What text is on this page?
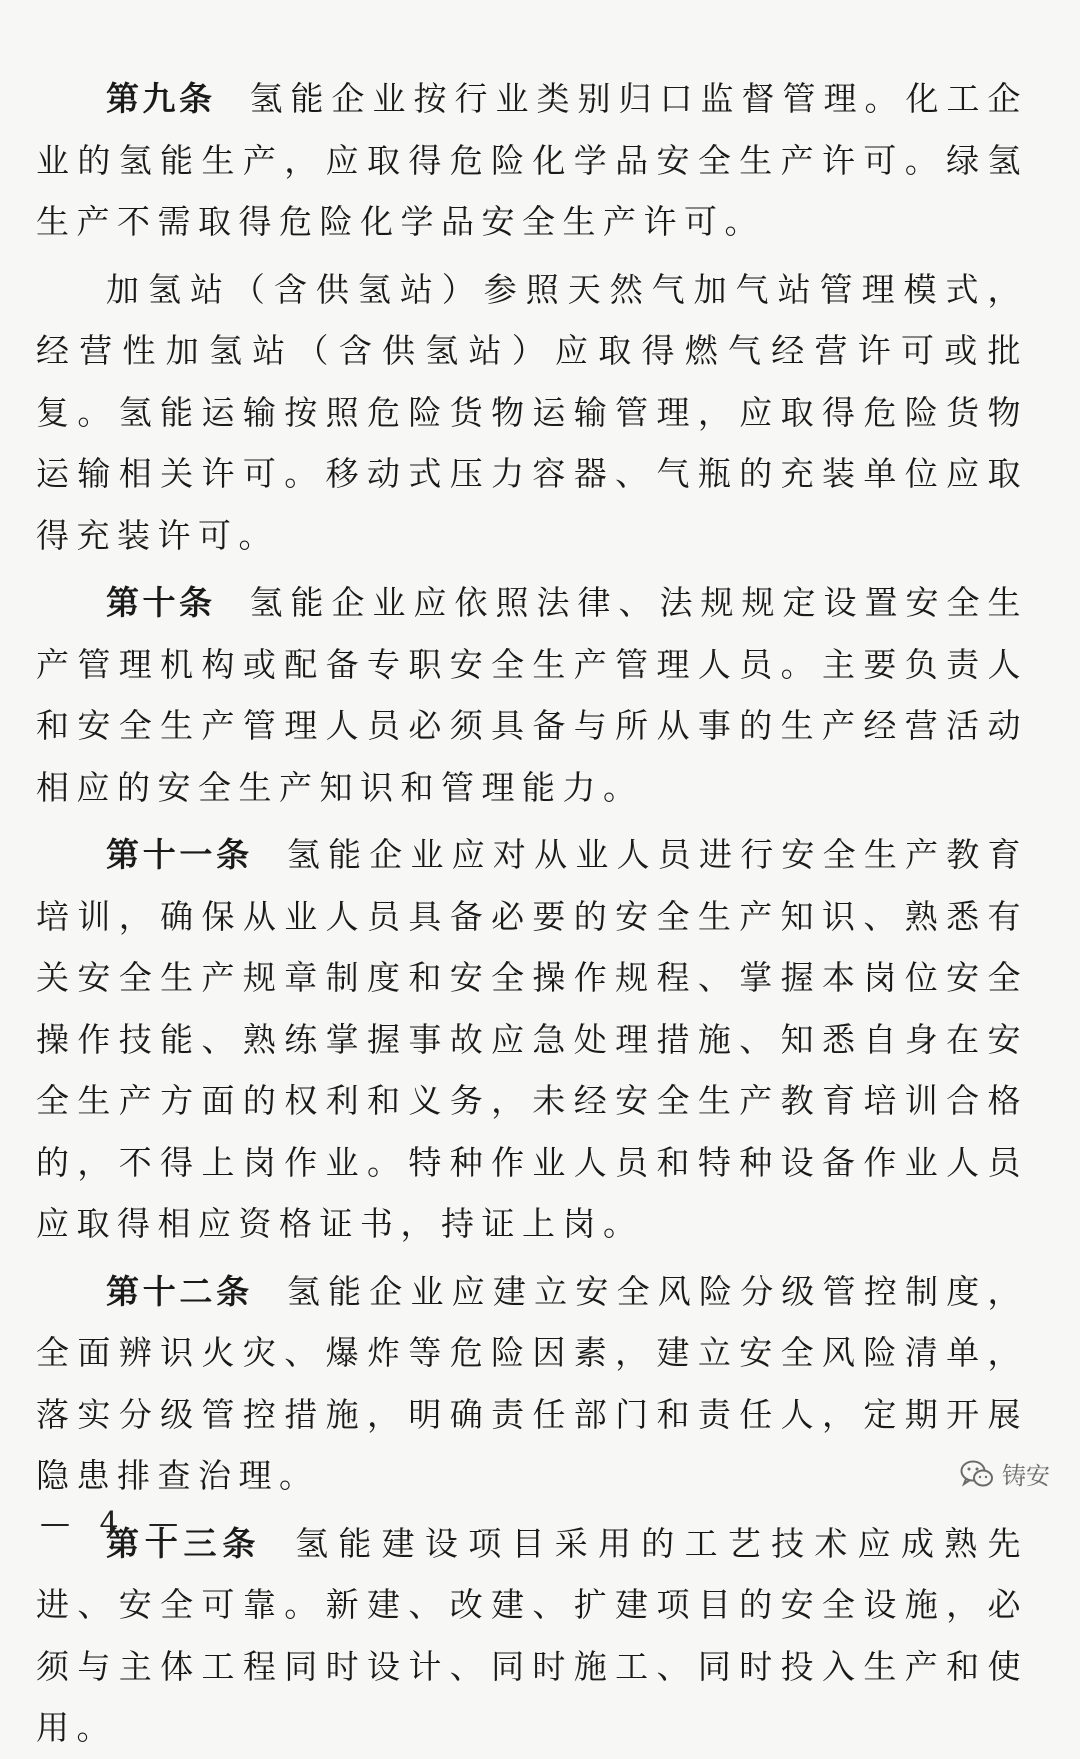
第九条 氢能企业按行业类别归口监督管理。化工企业的氢能生产，应取得危险化学品安全生产许可。绿氢生产不需取得危险化学品安全生产许可。

加氢站（含供氢站）参照天然气加气站管理模式，经营性加氢站（含供氢站）应取得燃气经营许可或批复。氢能运输按照危险货物运输管理，应取得危险货物运输相关许可。移动式压力容器、气瓶的充装单位应取得充装许可。

第十条 氢能企业应依照法律、法规规定设置安全生产管理机构或配备专职安全生产管理人员。主要负责人和安全生产管理人员必须具备与所从事的生产经营活动相应的安全生产知识和管理能力。

第十一条 氢能企业应对从业人员进行安全生产教育培训，确保从业人员具备必要的安全生产知识、熟悉有关安全生产规章制度和安全操作规程、掌握本岗位安全操作技能、熟练掌握事故应急处理措施、知悉自身在安全生产方面的权利和义务，未经安全生产教育培训合格的，不得上岗作业。特种作业人员和特种设备作业人员应取得相应资格证书，持证上岗。

第十二条 氢能企业应建立安全风险分级管控制度，全面辨识火灾、爆炸等危险因素，建立安全风险清单，落实分级管控措施，明确责任部门和责任人，定期开展隐患排查治理。

第十三条 氢能建设项目采用的工艺技术应成熟先进、安全可靠。新建、改建、扩建项目的安全设施，必须与主体工程同时设计、同时施工、同时投入生产和使用。

铸安
— 4 —
